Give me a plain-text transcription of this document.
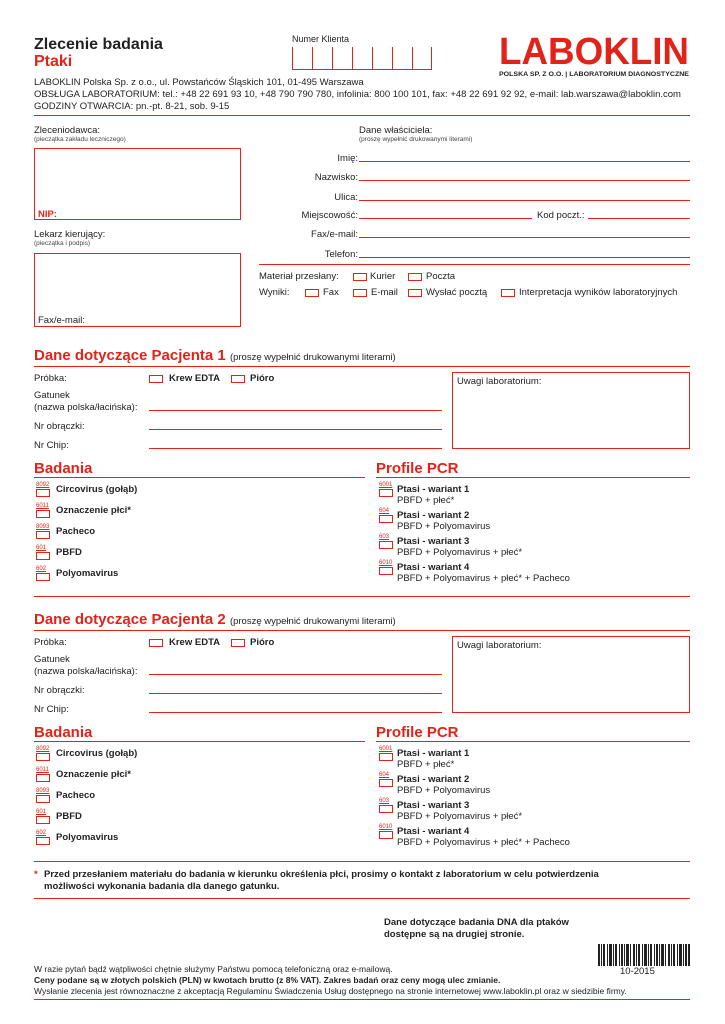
Zlecenie badania
Ptaki
Numer Klienta	LABOKLIN
POLSKA SP. Z O.O. | LABORATORIUM DIAGNOSTYCZNE
LABOKLIN Polska Sp. z o.o., ul. Powstańców Śląskich 101, 01-495 Warszawa
OBSŁUGA LABORATORIUM: tel.: +48 22 691 93 10, +48 790 790 780, infolinia: 800 100 101, fax: +48 22 691 92 92, e-mail: lab.warszawa@laboklin.com
GODZINY OTWARCIA: pn.-pt. 8-21, sob. 9-15
Zleceniodawca:
(pieczątka zakładu leczniczego)
NIP:
Lekarz kierujący:
(pieczątka i podpis)
Fax/e-mail:
Dane właściciela:
(proszę wypełnić drukowanymi literami)
Imię:
Nazwisko:
Ulica:
Miejscowość:	Kod poczt.:
Fax/e-mail:
Telefon:
Materiał przesłany:	Kurier	Poczta
Wyniki:	Fax	E-mail	Wysłać pocztą	Interpretacja wyników laboratoryjnych
Dane dotyczące Pacjenta 1 (proszę wypełnić drukowanymi literami)
Próbka:	Krew EDTA	Pióro
Gatunek
(nazwa polska/łacińska):
Nr obrączki:
Nr Chip:
Uwagi laboratorium:
Badania
8092 Circovirus (gołąb)
6011 Oznaczenie płci*
8093 Pacheco
601 PBFD
602 Polyomavirus
Profile PCR
6001 Ptasi - wariant 1
PBFD + płeć*
604 Ptasi - wariant 2
PBFD + Polyomavirus
603 Ptasi - wariant 3
PBFD + Polyomavirus + płeć*
6010 Ptasi - wariant 4
PBFD + Polyomavirus + płeć* + Pacheco
Dane dotyczące Pacjenta 2 (proszę wypełnić drukowanymi literami)
Próbka:	Krew EDTA	Pióro
Gatunek
(nazwa polska/łacińska):
Nr obrączki:
Nr Chip:
Uwagi laboratorium:
Badania
8092 Circovirus (gołąb)
6011 Oznaczenie płci*
8093 Pacheco
601 PBFD
602 Polyomavirus
Profile PCR
6001 Ptasi - wariant 1
PBFD + płeć*
604 Ptasi - wariant 2
PBFD + Polyomavirus
603 Ptasi - wariant 3
PBFD + Polyomavirus + płeć*
6010 Ptasi - wariant 4
PBFD + Polyomavirus + płeć* + Pacheco
* Przed przesłaniem materiału do badania w kierunku określenia płci, prosimy o kontakt z laboratorium w celu potwierdzenia
możliwości wykonania badania dla danego gatunku.
Dane dotyczące badania DNA dla ptaków
dostępne są na drugiej stronie.
10-2015
W razie pytań bądź wątpliwości chętnie służymy Państwu pomocą telefoniczną oraz e-mailową.
Ceny podane są w złotych polskich (PLN) w kwotach brutto (z 8% VAT). Zakres badań oraz ceny mogą ulec zmianie.
Wysłanie zlecenia jest równoznaczne z akceptacją Regulaminu Świadczenia Usług dostępnego na stronie internetowej www.laboklin.pl oraz w siedzibie firmy.
